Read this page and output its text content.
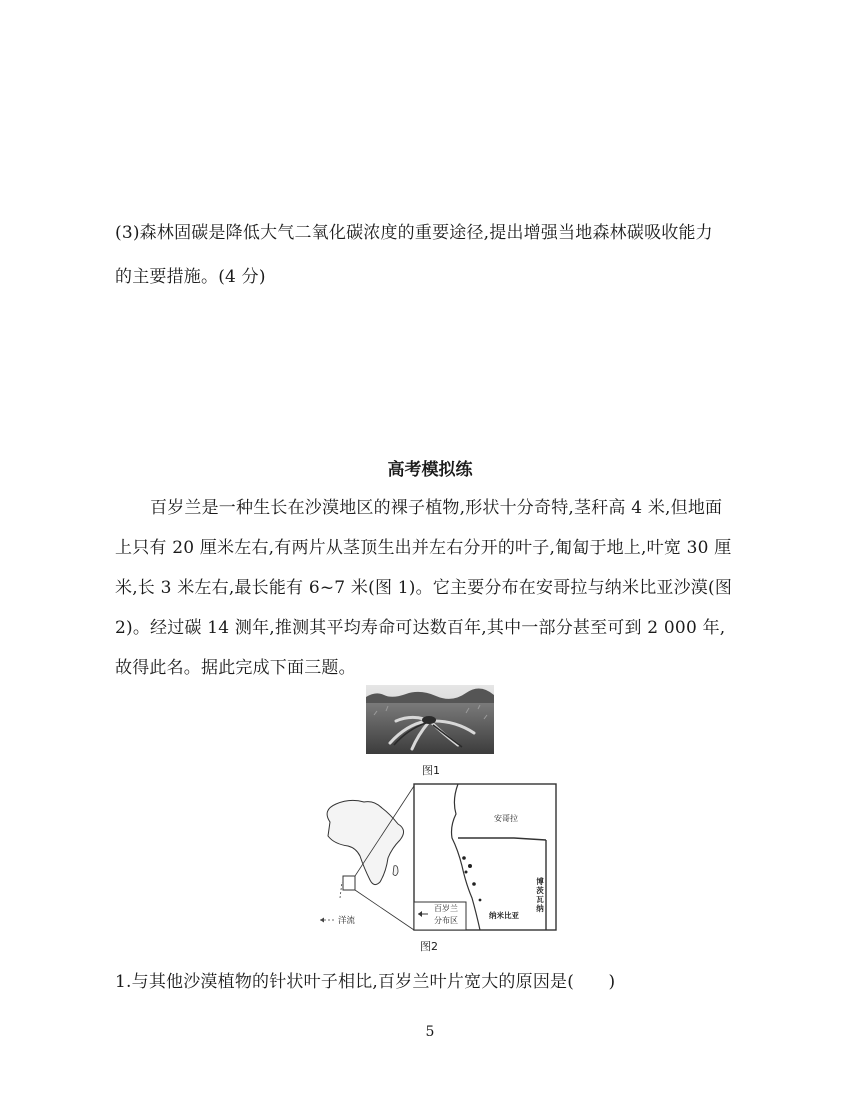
(3)森林固碳是降低大气二氧化碳浓度的重要途径,提出增强当地森林碳吸收能力
的主要措施。(4 分)
高考模拟练
百岁兰是一种生长在沙漠地区的裸子植物,形状十分奇特,茎秆高 4 米,但地面
上只有 20 厘米左右,有两片从茎顶生出并左右分开的叶子,匍匐于地上,叶宽 30 厘
米,长 3 米左右,最长能有 6~7 米(图 1)。它主要分布在安哥拉与纳米比亚沙漠(图
2)。经过碳 14 测年,推测其平均寿命可达数百年,其中一部分甚至可到 2 000 年,
故得此名。据此完成下面三题。
图1
安哥拉
纳米比亚
博
茨
瓦
纳
百岁兰
分布区
洋流
图2
1.与其他沙漠植物的针状叶子相比,百岁兰叶片宽大的原因是(　　)
5
